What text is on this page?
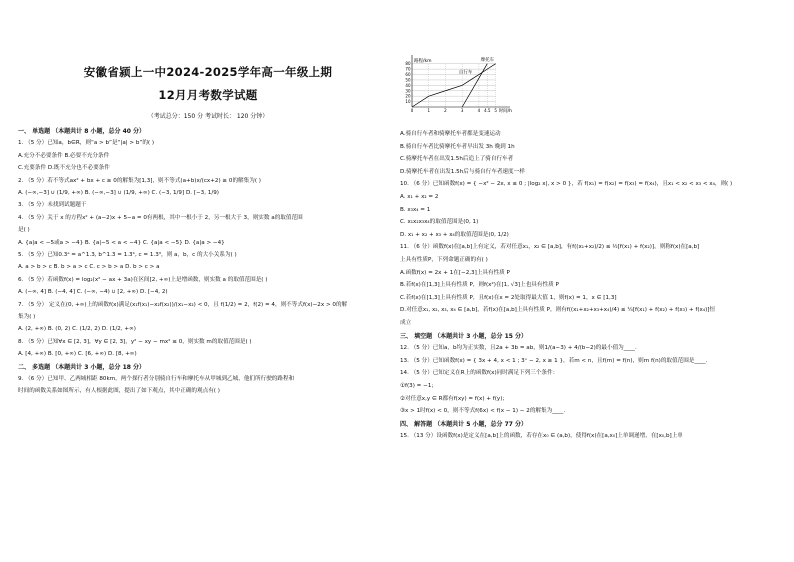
安徽省颍上一中2024-2025学年高一年级上期
12月月考数学试题
（考试总分：150 分 考试时长： 120 分钟）
一、 单选题 （本题共计 8 小题，总分 40 分）
1. （5 分）已知a，b∈R，则“a > b”是“|a| > b”的( )
A.充分不必要条件 B.必要不充分条件
C.充要条件 D.既不充分也不必要条件
2. （5 分）若不等式ax² + bx + c ≥ 0的解集为[1,3]，则不等式(a+b)x/(cx+2) ≥ 0的解集为( )
A. (−∞,−3] ∪ (1/9, +∞) B. (−∞,−3] ∪ (1/9, +∞) C. (−3, 1/9] D. [−3, 1/9)
3. （5 分）未找到试题题干
4. （5 分）关于 x 的方程x² + (a−2)x + 5−a = 0有两根，其中一根小于 2，另一根大于 3，则实数 a的取值范围
是( )
A. {a|a < −5或a > −4} B. {a|−5 < a < −4} C. {a|a < −5} D. {a|a > −4}
5. （5 分）已知0.3ᵃ = a^1.3, b^1.3 = 1.3ᵇ, c = 1.3³，则 a，b，c 的大小关系为( )
A. a > b > c B. b > a > c C. c > b > a D. b > c > a
6. （5 分）若函数f(x) = log₂(x² − ax + 3a)在区间[2, +∞)上是增函数，则实数 a 的取值范围是( )
A. (−∞, 4] B. (−4, 4] C. (−∞, −4) ∪ [2, +∞) D. [−4, 2)
7. （5 分） 定义在(0, +∞)上的函数f(x)满足(x₁f(x₁)−x₂f(x₂))/(x₁−x₂) < 0，且 f(1/2) = 2，f(2) = 4，则不等式f(x)−2x > 0的解
集为( )
A. (2, +∞) B. (0, 2) C. (1/2, 2) D. (1/2, +∞)
8. （5 分）已知∀x ∈ [2, 3]，∀y ∈ [2, 3]，y² − xy − mx² ≤ 0，则实数 m的取值范围是( )
A. [4, +∞) B. [0, +∞) C. [6, +∞) D. [8, +∞)
二、 多选题 （本题共计 3 小题，总分 18 分）
9. （6 分）已知甲、乙两城相距 80km，两个探行者分别骑自行车和摩托车从甲城到乙城，他们所行驶的路程和
时间的函数关系如图所示，有人根据此图，提出了如下观点，其中正确的观点有( )
10
20
30
40
50
60
70
80
0	1	2	3	4 4.5 5
路程/km
时间/h
自行车
摩托车
A.骑自行车者和骑摩托车者都是变速运动
B.骑自行车者比骑摩托车者早出发 3h 晚到 1h
C.骑摩托车者在出发1.5h后追上了骑自行车者
D.骑摩托车者在出发1.5h后与骑自行车者速度一样
10. （6 分）已知函数f(x) = { −x² − 2x, x ≤ 0 ; |log₂ x|, x > 0 }，若 f(x₁) = f(x₂) = f(x₃) = f(x₄)，且x₁ < x₂ < x₃ < x₄，则( )
A. x₁ + x₂ = 2
B. x₃x₄ = 1
C. x₁x₂x₃x₄的取值范围是(0, 1)
D. x₁ + x₂ + x₃ + x₄的取值范围是(0, 1/2)
11. （6 分）函数f(x)在[a,b]上有定义，若对任意x₁，x₂ ∈ [a,b]，有f((x₁+x₂)/2) ≤ ½[f(x₁) + f(x₂)]，则称f(x)在[a,b]
上具有性质P，下列命题正确的有( )
A.函数f(x) = 2x + 1在[−2,3]上具有性质 P
B.若f(x)在[1,3]上具有性质 P，则f(x²)在[1, √3]上也具有性质 P
C.若f(x)在[1,3]上具有性质 P，且f(x)在x = 2处取得最大值 1，则f(x) = 1，x ∈ [1,3]
D.对任意x₁, x₂, x₃, x₄ ∈ [a,b]，若f(x)在[a,b]上具有性质 P，则有f((x₁+x₂+x₃+x₄)/4) ≤ ¼[f(x₁) + f(x₂) + f(x₃) + f(x₄)]恒
成立
三、 填空题 （本题共计 3 小题，总分 15 分）
12. （5 分）已知a，b均为正实数，且2a + 3b = ab，则1/(a−3) + 4/(b−2)的最小值为____.
13. （5 分）已知函数f(x) = { 3x + 4, x < 1 ; 3ˣ − 2, x ≥ 1 }，若m < n，且f(m) = f(n)，则m f(n)的取值范围是____.
14. （5 分）已知定义在R上的函数f(x)同时满足下列三个条件：
①f(3) = −1；
②对任意x,y ∈ R都有f(xy) = f(x) + f(y)；
③x > 1时f(x) < 0，则不等式f(6x) < f(x − 1) − 2的解集为____.
四、 解答题 （本题共计 5 小题，总分 77 分）
15. （13 分）设函数f(x)是定义在[a,b]上的函数，若存在x₀ ∈ (a,b)，使得f(x)在[a,x₀]上单调递增，在[x₀,b]上单
